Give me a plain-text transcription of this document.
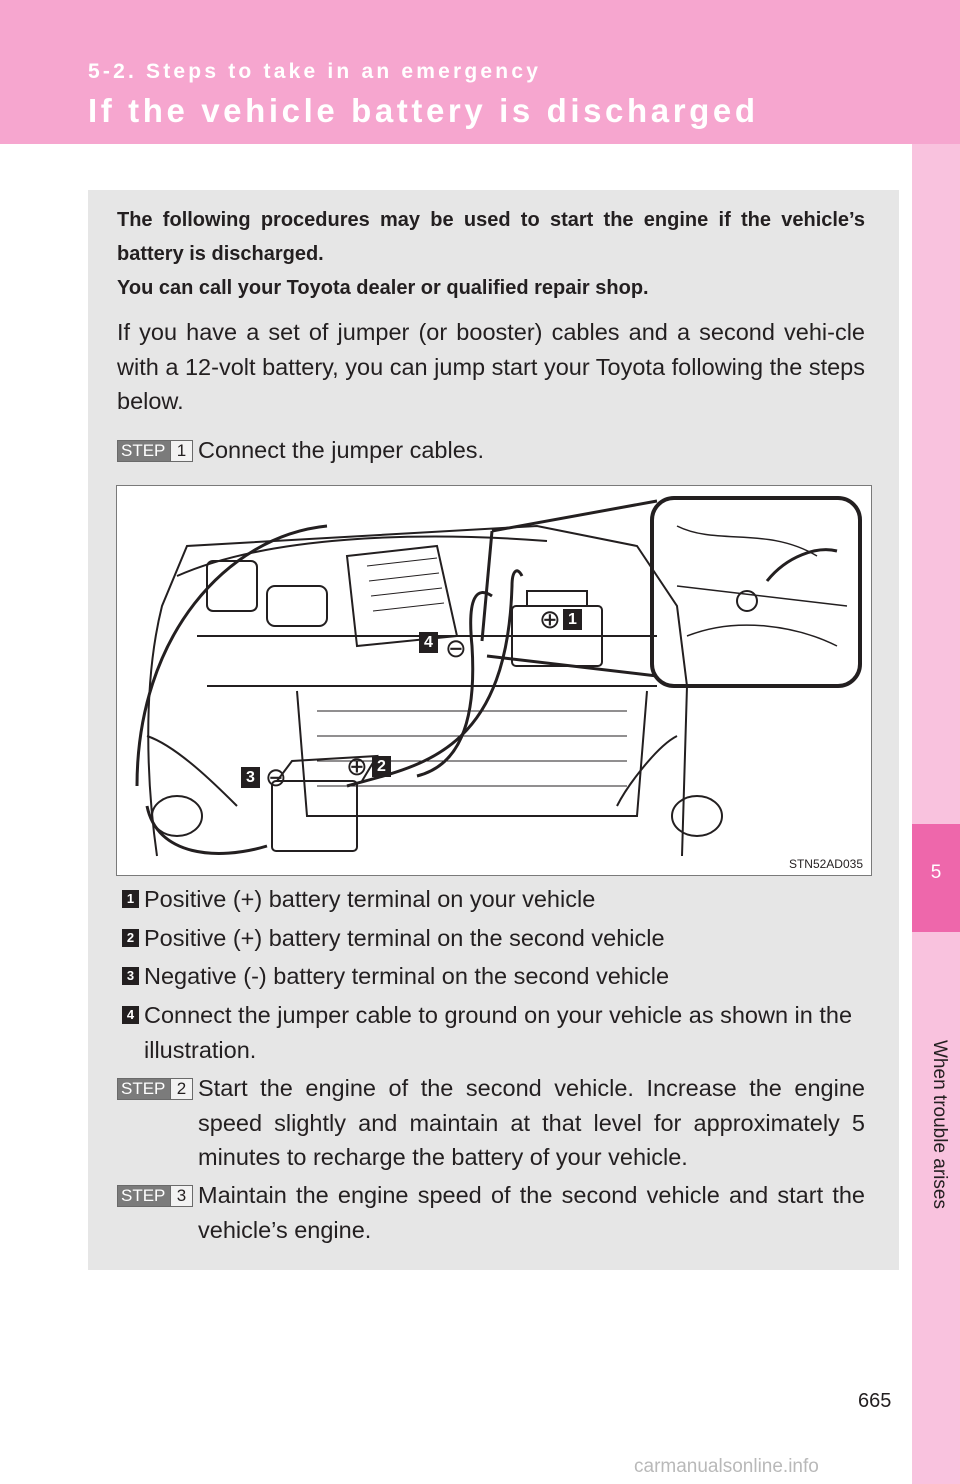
5-2. Steps to take in an emergency
If the vehicle battery is discharged
5
When trouble arises
The following procedures may be used to start the engine if the vehicle’s battery is discharged.
You can call your Toyota dealer or qualified repair shop.
If you have a set of jumper (or booster) cables and a second vehi-cle with a 12-volt battery, you can jump start your Toyota following the steps below.
STEP 1 Connect the jumper cables.
STN52AD035
⊕ 1
⊖
4
⊕ 2
⊖
3
1 Positive (+) battery terminal on your vehicle
2 Positive (+) battery terminal on the second vehicle
3 Negative (-) battery terminal on the second vehicle
4 Connect the jumper cable to ground on your vehicle as shown in the illustration.
STEP 2 Start the engine of the second vehicle. Increase the engine speed slightly and maintain at that level for approximately 5 minutes to recharge the battery of your vehicle.
STEP 3 Maintain the engine speed of the second vehicle and start the vehicle’s engine.
665
carmanualsonline.info
